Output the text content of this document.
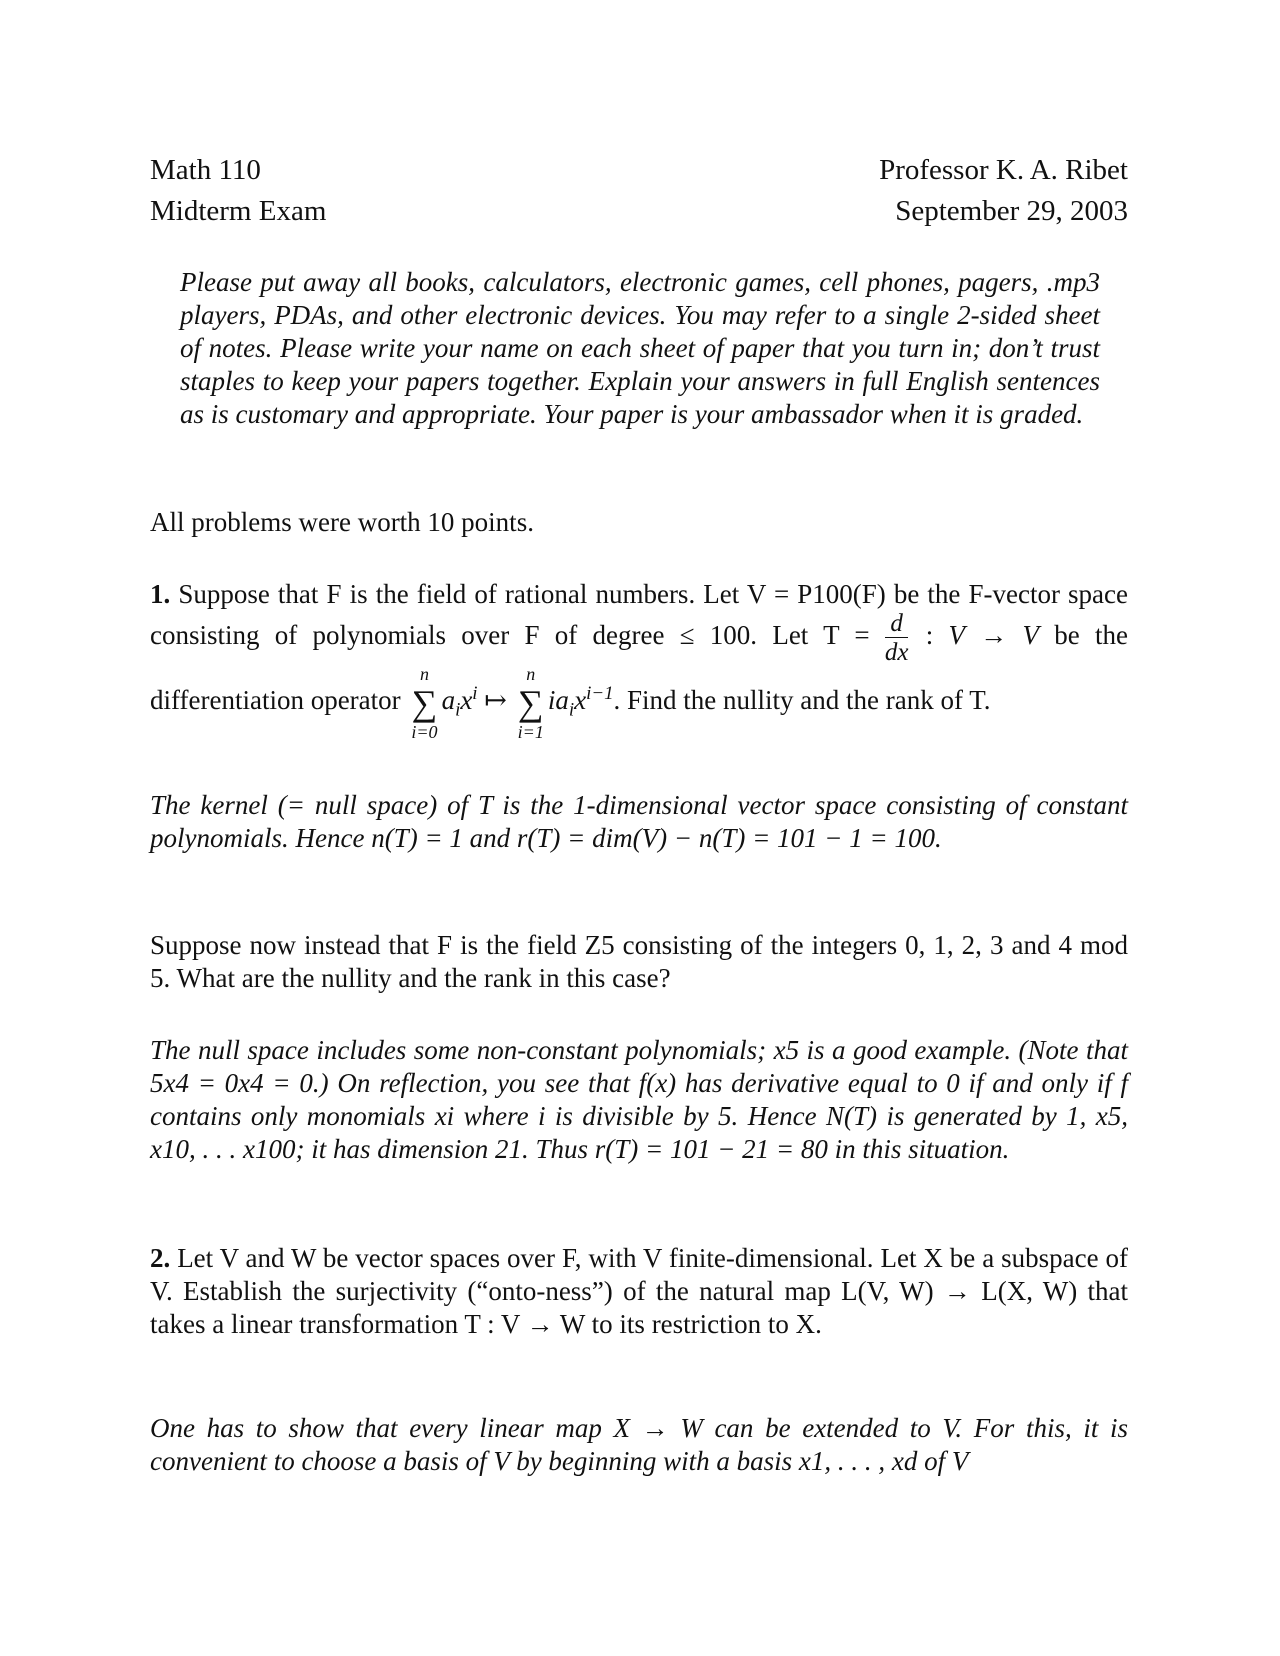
Math 110	Professor K. A. Ribet
Midterm Exam	September 29, 2003
Please put away all books, calculators, electronic games, cell phones, pagers, .mp3 players, PDAs, and other electronic devices. You may refer to a single 2-sided sheet of notes. Please write your name on each sheet of paper that you turn in; don’t trust staples to keep your papers together. Explain your answers in full English sentences as is customary and appropriate. Your paper is your ambassador when it is graded.
All problems were worth 10 points.
1. Suppose that F is the field of rational numbers. Let V = P100(F) be the F-vector space consisting of polynomials over F of degree ≤ 100. Let $T = \frac{d}{dx}$ : V → V be the differentiation operator
n
∑
i=0
$a_ix^i$ ↦
n
∑
i=1
$ia_ix^{i-1}$. Find the nullity and the rank of T.
The kernel (= null space) of T is the 1-dimensional vector space consisting of constant polynomials. Hence n(T) = 1 and r(T) = dim(V) − n(T) = 101 − 1 = 100.
Suppose now instead that F is the field Z5 consisting of the integers 0, 1, 2, 3 and 4 mod 5. What are the nullity and the rank in this case?
The null space includes some non-constant polynomials; x5 is a good example. (Note that 5x4 = 0x4 = 0.) On reflection, you see that f(x) has derivative equal to 0 if and only if f contains only monomials xi where i is divisible by 5. Hence N(T) is generated by 1, x5, x10, . . . x100; it has dimension 21. Thus r(T) = 101 − 21 = 80 in this situation.
2. Let V and W be vector spaces over F, with V finite-dimensional. Let X be a subspace of V. Establish the surjectivity (“onto-ness”) of the natural map L(V, W) → L(X, W) that takes a linear transformation T : V → W to its restriction to X.
One has to show that every linear map X → W can be extended to V. For this, it is convenient to choose a basis of V by beginning with a basis x1, . . . , xd of V
